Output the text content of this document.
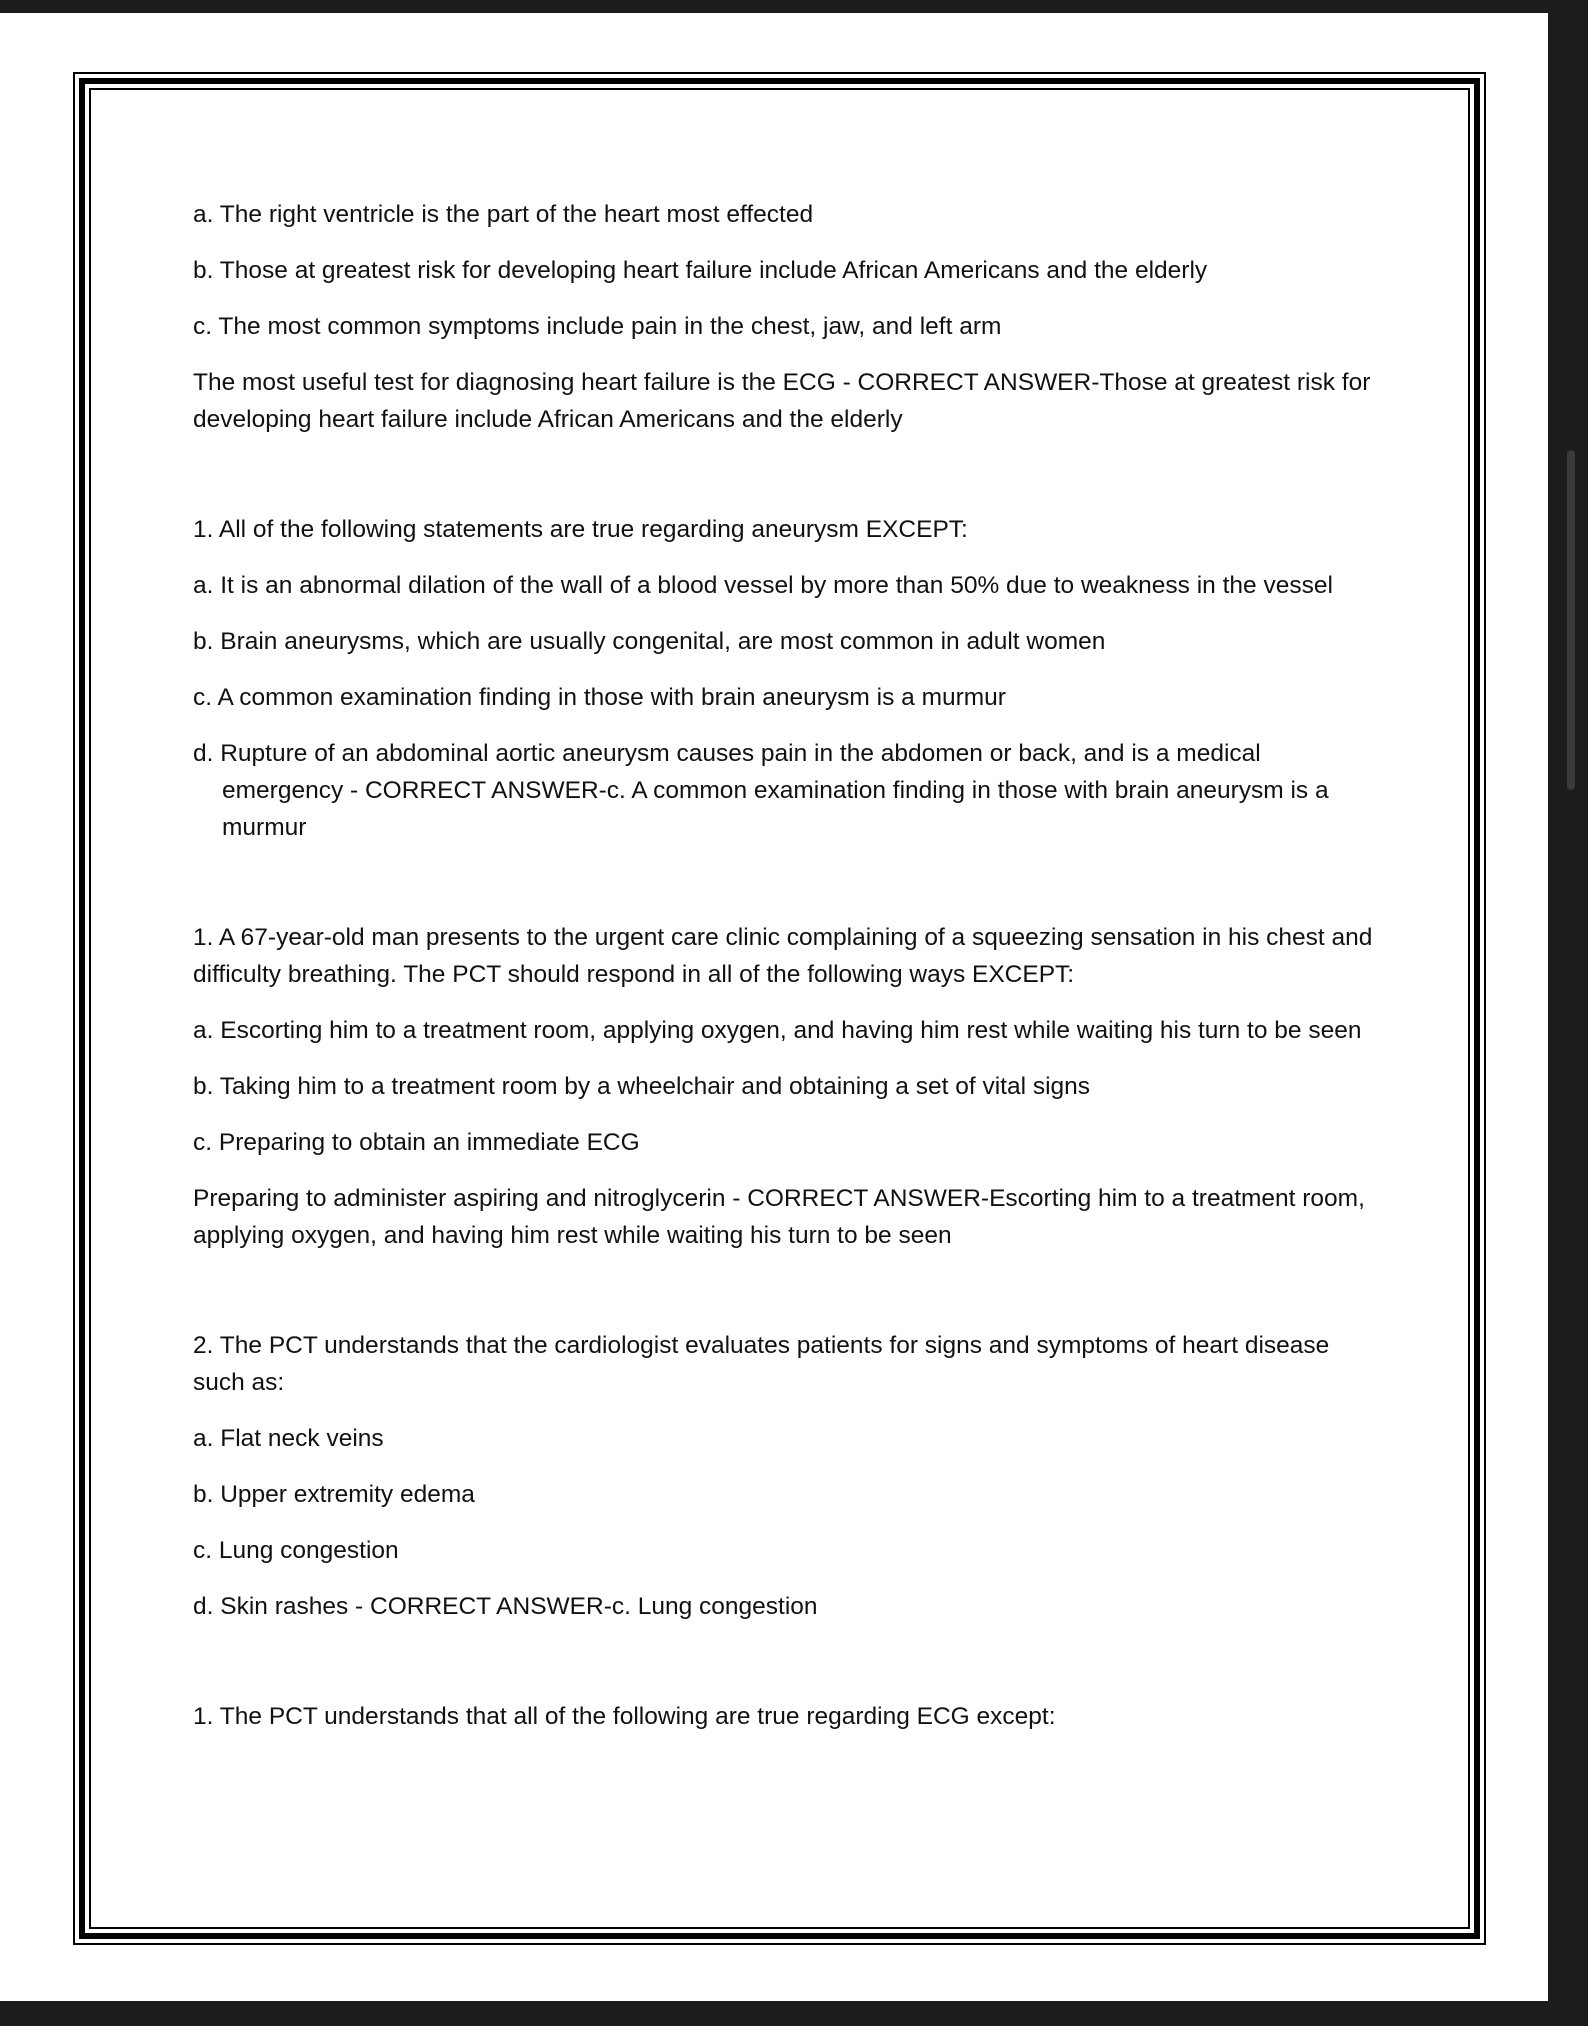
a. The right ventricle is the part of the heart most effected
b. Those at greatest risk for developing heart failure include African Americans and the elderly
c. The most common symptoms include pain in the chest, jaw, and left arm
The most useful test for diagnosing heart failure is the ECG - CORRECT ANSWER-Those at greatest risk for developing heart failure include African Americans and the elderly
1. All of the following statements are true regarding aneurysm EXCEPT:
a. It is an abnormal dilation of the wall of a blood vessel by more than 50% due to weakness in the vessel
b. Brain aneurysms, which are usually congenital, are most common in adult women
c. A common examination finding in those with brain aneurysm is a murmur
d. Rupture of an abdominal aortic aneurysm causes pain in the abdomen or back, and is a medical emergency - CORRECT ANSWER-c. A common examination finding in those with brain aneurysm is a murmur
1. A 67-year-old man presents to the urgent care clinic complaining of a squeezing sensation in his chest and difficulty breathing. The PCT should respond in all of the following ways EXCEPT:
a. Escorting him to a treatment room, applying oxygen, and having him rest while waiting his turn to be seen
b. Taking him to a treatment room by a wheelchair and obtaining a set of vital signs
c. Preparing to obtain an immediate ECG
Preparing to administer aspiring and nitroglycerin - CORRECT ANSWER-Escorting him to a treatment room, applying oxygen, and having him rest while waiting his turn to be seen
2. The PCT understands that the cardiologist evaluates patients for signs and symptoms of heart disease such as:
a. Flat neck veins
b. Upper extremity edema
c. Lung congestion
d. Skin rashes - CORRECT ANSWER-c. Lung congestion
1. The PCT understands that all of the following are true regarding ECG except:
